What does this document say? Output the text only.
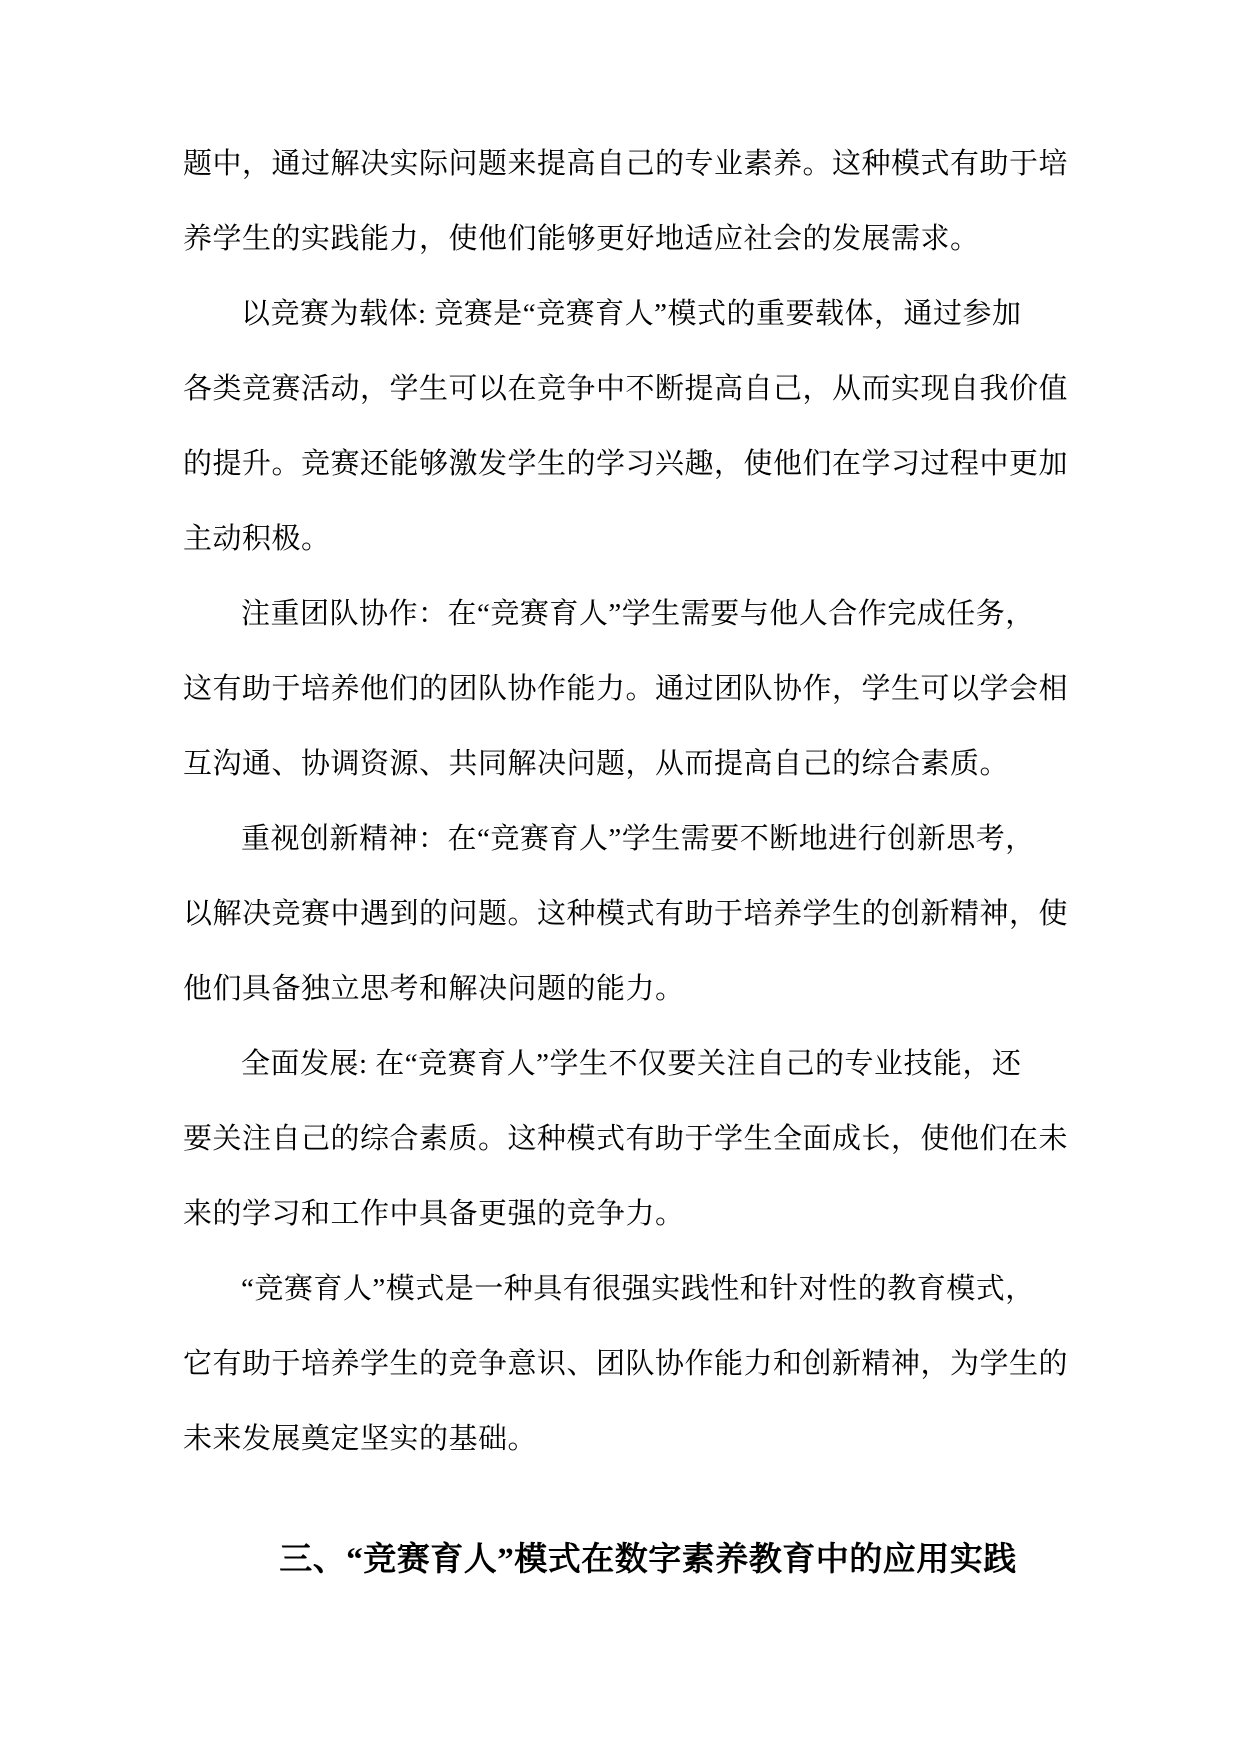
题中，通过解决实际问题来提高自己的专业素养。这种模式有助于培
养学生的实践能力，使他们能够更好地适应社会的发展需求。
以竞赛为载体: 竞赛是“竞赛育人”模式的重要载体，通过参加
各类竞赛活动，学生可以在竞争中不断提高自己，从而实现自我价值
的提升。竞赛还能够激发学生的学习兴趣，使他们在学习过程中更加
主动积极。
注重团队协作：在“竞赛育人”学生需要与他人合作完成任务，
这有助于培养他们的团队协作能力。通过团队协作，学生可以学会相
互沟通、协调资源、共同解决问题，从而提高自己的综合素质。
重视创新精神：在“竞赛育人”学生需要不断地进行创新思考，
以解决竞赛中遇到的问题。这种模式有助于培养学生的创新精神，使
他们具备独立思考和解决问题的能力。
全面发展: 在“竞赛育人”学生不仅要关注自己的专业技能，还
要关注自己的综合素质。这种模式有助于学生全面成长，使他们在未
来的学习和工作中具备更强的竞争力。
“竞赛育人”模式是一种具有很强实践性和针对性的教育模式，
它有助于培养学生的竞争意识、团队协作能力和创新精神，为学生的
未来发展奠定坚实的基础。
三、“竞赛育人”模式在数字素养教育中的应用实践
